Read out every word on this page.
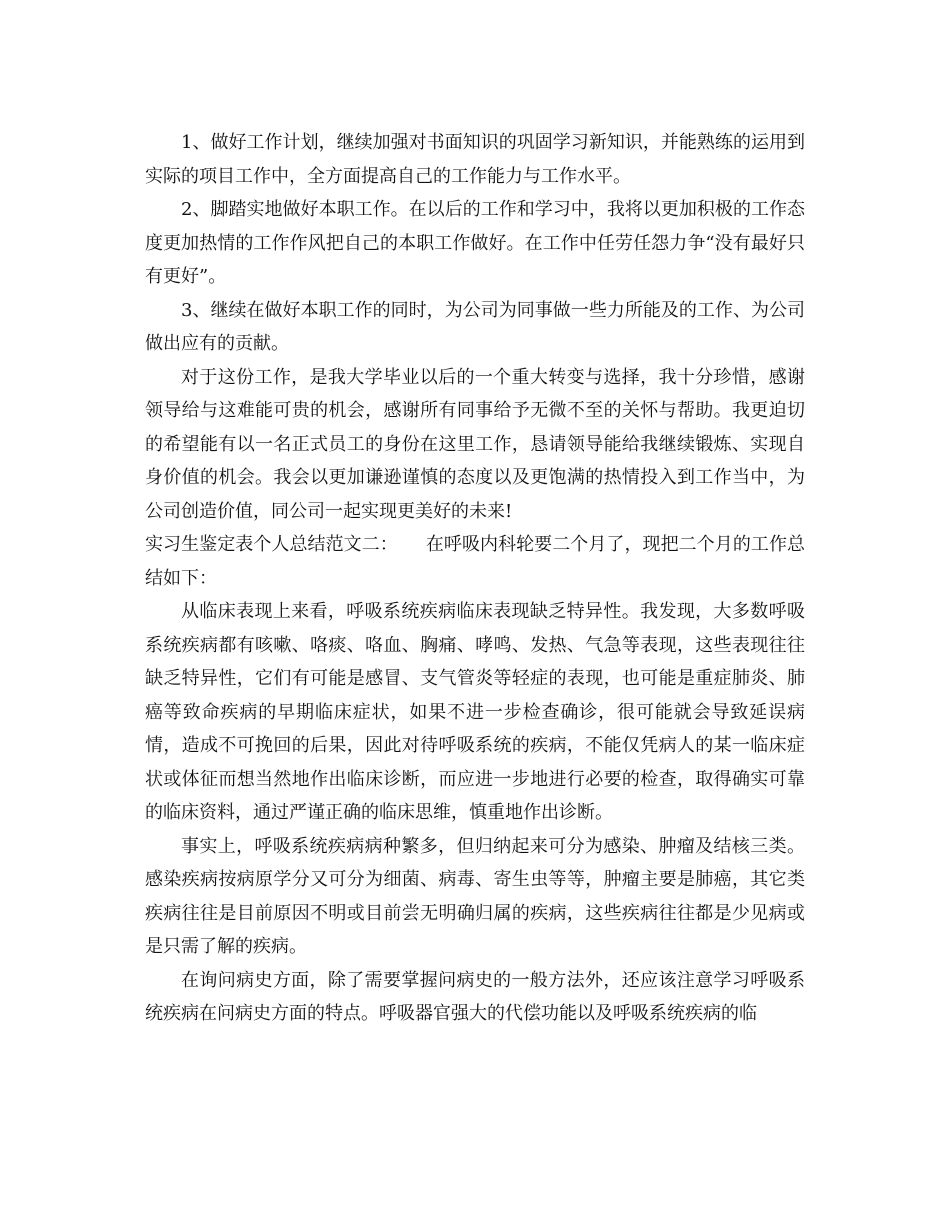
1、做好工作计划，继续加强对书面知识的巩固学习新知识，并能熟练的运用到实际的项目工作中，全方面提高自己的工作能力与工作水平。

2、脚踏实地做好本职工作。在以后的工作和学习中，我将以更加积极的工作态度更加热情的工作作风把自己的本职工作做好。在工作中任劳任怨力争“没有最好只有更好”。

3、继续在做好本职工作的同时，为公司为同事做一些力所能及的工作、为公司做出应有的贡献。

对于这份工作，是我大学毕业以后的一个重大转变与选择，我十分珍惜，感谢领导给与这难能可贵的机会，感谢所有同事给予无微不至的关怀与帮助。我更迫切的希望能有以一名正式员工的身份在这里工作，恳请领导能给我继续锻炼、实现自身价值的机会。我会以更加谦逊谨慎的态度以及更饱满的热情投入到工作当中，为公司创造价值，同公司一起实现更美好的未来!

实习生鉴定表个人总结范文二： 在呼吸内科轮要二个月了，现把二个月的工作总结如下：

从临床表现上来看，呼吸系统疾病临床表现缺乏特异性。我发现，大多数呼吸系统疾病都有咳嗽、咯痰、咯血、胸痛、哮鸣、发热、气急等表现，这些表现往往缺乏特异性，它们有可能是感冒、支气管炎等轻症的表现，也可能是重症肺炎、肺癌等致命疾病的早期临床症状，如果不进一步检查确诊，很可能就会导致延误病情，造成不可挽回的后果，因此对待呼吸系统的疾病，不能仅凭病人的某一临床症状或体征而想当然地作出临床诊断，而应进一步地进行必要的检查，取得确实可靠的临床资料，通过严谨正确的临床思维，慎重地作出诊断。

事实上，呼吸系统疾病病种繁多，但归纳起来可分为感染、肿瘤及结核三类。感染疾病按病原学分又可分为细菌、病毒、寄生虫等等，肿瘤主要是肺癌，其它类疾病往往是目前原因不明或目前尝无明确归属的疾病，这些疾病往往都是少见病或是只需了解的疾病。

在询问病史方面，除了需要掌握问病史的一般方法外，还应该注意学习呼吸系统疾病在问病史方面的特点。呼吸器官强大的代偿功能以及呼吸系统疾病的临
